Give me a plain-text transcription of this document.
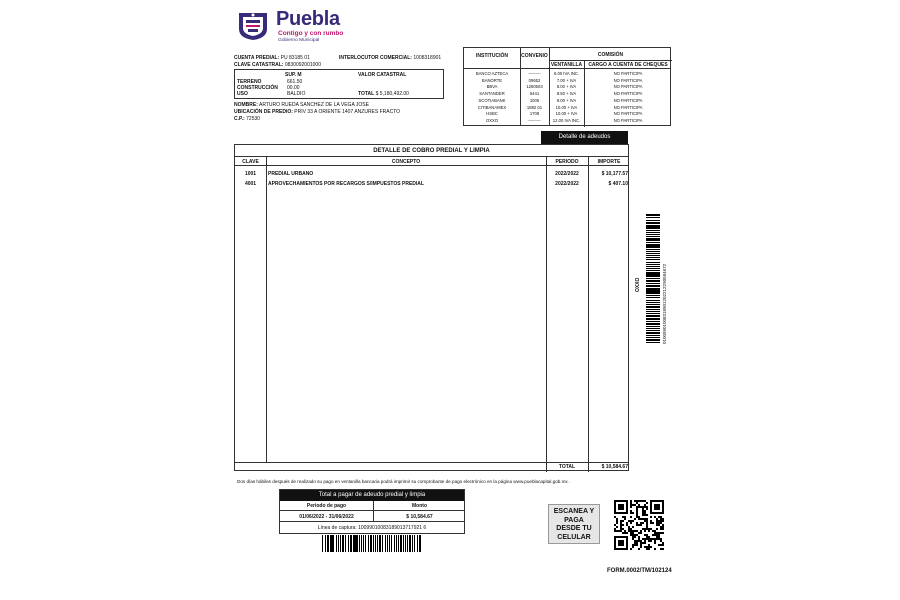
Puebla
Contigo y con rumbo
Gobierno Municipal
CUENTA PREDIAL: PU 83185 01	INTERLOCUTOR COMERCIAL: 1008318901
CLAVE CATASTRAL: 0830092001000
SUP. M	VALOR CATASTRAL
TERRENO	661.50
CONSTRUCCIÓN 00.00
USO	BALDIO	TOTAL $ 5,180,492.00
NOMBRE: ARTURO RUEDA SANCHEZ DE LA VEGA JOSE
UBICACIÓN DE PREDIO: PRIV 33 A ORIENTE 1407 ANZURES FRACTO
C.P.: 72530
INSTITUCIÓN	CONVENIO	COMISIÓN
VENTANILLA	CARGO A CUENTA DE CHEQUES
BANCO AZTECA	---------	6.00 IVA INC.	NO PARTICIPA
BANORTE	09652	7.00 + IVA	NO PARTICIPA
BBVA	1260503	8.00 + IVA	NO PARTICIPA
SANTANDER	5441	8.50 + IVA	NO PARTICIPA
SCOTIABANK	1005	9.00 + IVA	NO PARTICIPA
CITIBANAMEX	1882 01	10.00 + IVA	NO PARTICIPA
HSBC	1708	10.00 + IVA	NO PARTICIPA
OXXO	---------	12.00 IVA INC.	NO PARTICIPA
Detalle de adeudos
DETALLE DE COBRO PREDIAL Y LIMPIA
CLAVE	CONCEPTO	PERIODO	IMPORTE
1001	PREDIAL URBANO	2022/2022	$ 10,177.57
4001	APROVECHAMIENTOS POR RECARGOS S/IMPUESTOS PREDIAL	2022/2022	$ 407.10
TOTAL	$ 10,584.67
OXXO	01009901008318901202212290584672
Dos días hábiles después de realizado su pago en ventanilla bancaria podrá imprimir su comprobante de pago electrónico en la página www.pueblacapital.gob.mx .
Total a pagar de adeudo predial y limpia
Periodo de pago	Monto
01/06/2022 - 31/06/2022	$ 10,584.67
Línea de captura: 10099010083189013717921 6
ESCANEA Y
PAGA
DESDE TU
CELULAR
FORM.0002/TM/102124
